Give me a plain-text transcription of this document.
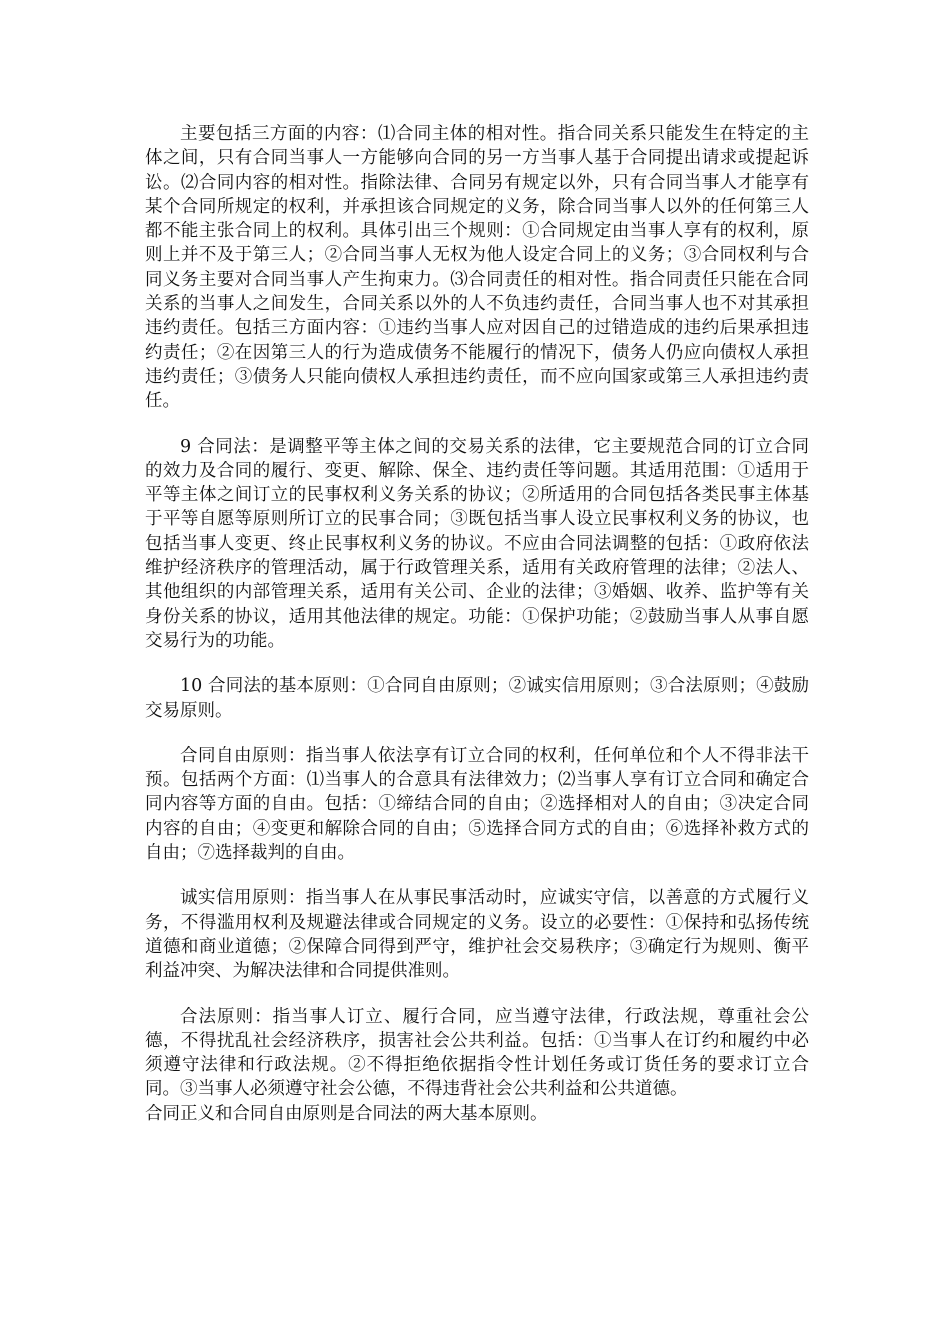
主要包括三方面的内容：⑴合同主体的相对性。指合同关系只能发生在特定的主体之间，只有合同当事人一方能够向合同的另一方当事人基于合同提出请求或提起诉讼。⑵合同内容的相对性。指除法律、合同另有规定以外，只有合同当事人才能享有某个合同所规定的权利，并承担该合同规定的义务，除合同当事人以外的任何第三人都不能主张合同上的权利。具体引出三个规则：①合同规定由当事人享有的权利，原则上并不及于第三人；②合同当事人无权为他人设定合同上的义务；③合同权利与合同义务主要对合同当事人产生拘束力。⑶合同责任的相对性。指合同责任只能在合同关系的当事人之间发生，合同关系以外的人不负违约责任，合同当事人也不对其承担违约责任。包括三方面内容：①违约当事人应对因自己的过错造成的违约后果承担违约责任；②在因第三人的行为造成债务不能履行的情况下，债务人仍应向债权人承担违约责任；③债务人只能向债权人承担违约责任，而不应向国家或第三人承担违约责任。

9 合同法：是调整平等主体之间的交易关系的法律，它主要规范合同的订立合同的效力及合同的履行、变更、解除、保全、违约责任等问题。其适用范围：①适用于平等主体之间订立的民事权利义务关系的协议；②所适用的合同包括各类民事主体基于平等自愿等原则所订立的民事合同；③既包括当事人设立民事权利义务的协议，也包括当事人变更、终止民事权利义务的协议。不应由合同法调整的包括：①政府依法维护经济秩序的管理活动，属于行政管理关系，适用有关政府管理的法律；②法人、其他组织的内部管理关系，适用有关公司、企业的法律；③婚姻、收养、监护等有关身份关系的协议，适用其他法律的规定。功能：①保护功能；②鼓励当事人从事自愿交易行为的功能。

10 合同法的基本原则：①合同自由原则；②诚实信用原则；③合法原则；④鼓励交易原则。

合同自由原则：指当事人依法享有订立合同的权利，任何单位和个人不得非法干预。包括两个方面：⑴当事人的合意具有法律效力；⑵当事人享有订立合同和确定合同内容等方面的自由。包括：①缔结合同的自由；②选择相对人的自由；③决定合同内容的自由；④变更和解除合同的自由；⑤选择合同方式的自由；⑥选择补救方式的自由；⑦选择裁判的自由。

诚实信用原则：指当事人在从事民事活动时，应诚实守信，以善意的方式履行义务，不得滥用权利及规避法律或合同规定的义务。设立的必要性：①保持和弘扬传统道德和商业道德；②保障合同得到严守，维护社会交易秩序；③确定行为规则、衡平利益冲突、为解决法律和合同提供准则。

合法原则：指当事人订立、履行合同，应当遵守法律，行政法规，尊重社会公德，不得扰乱社会经济秩序，损害社会公共利益。包括：①当事人在订约和履约中必须遵守法律和行政法规。②不得拒绝依据指令性计划任务或订货任务的要求订立合同。③当事人必须遵守社会公德，不得违背社会公共利益和公共道德。

合同正义和合同自由原则是合同法的两大基本原则。
